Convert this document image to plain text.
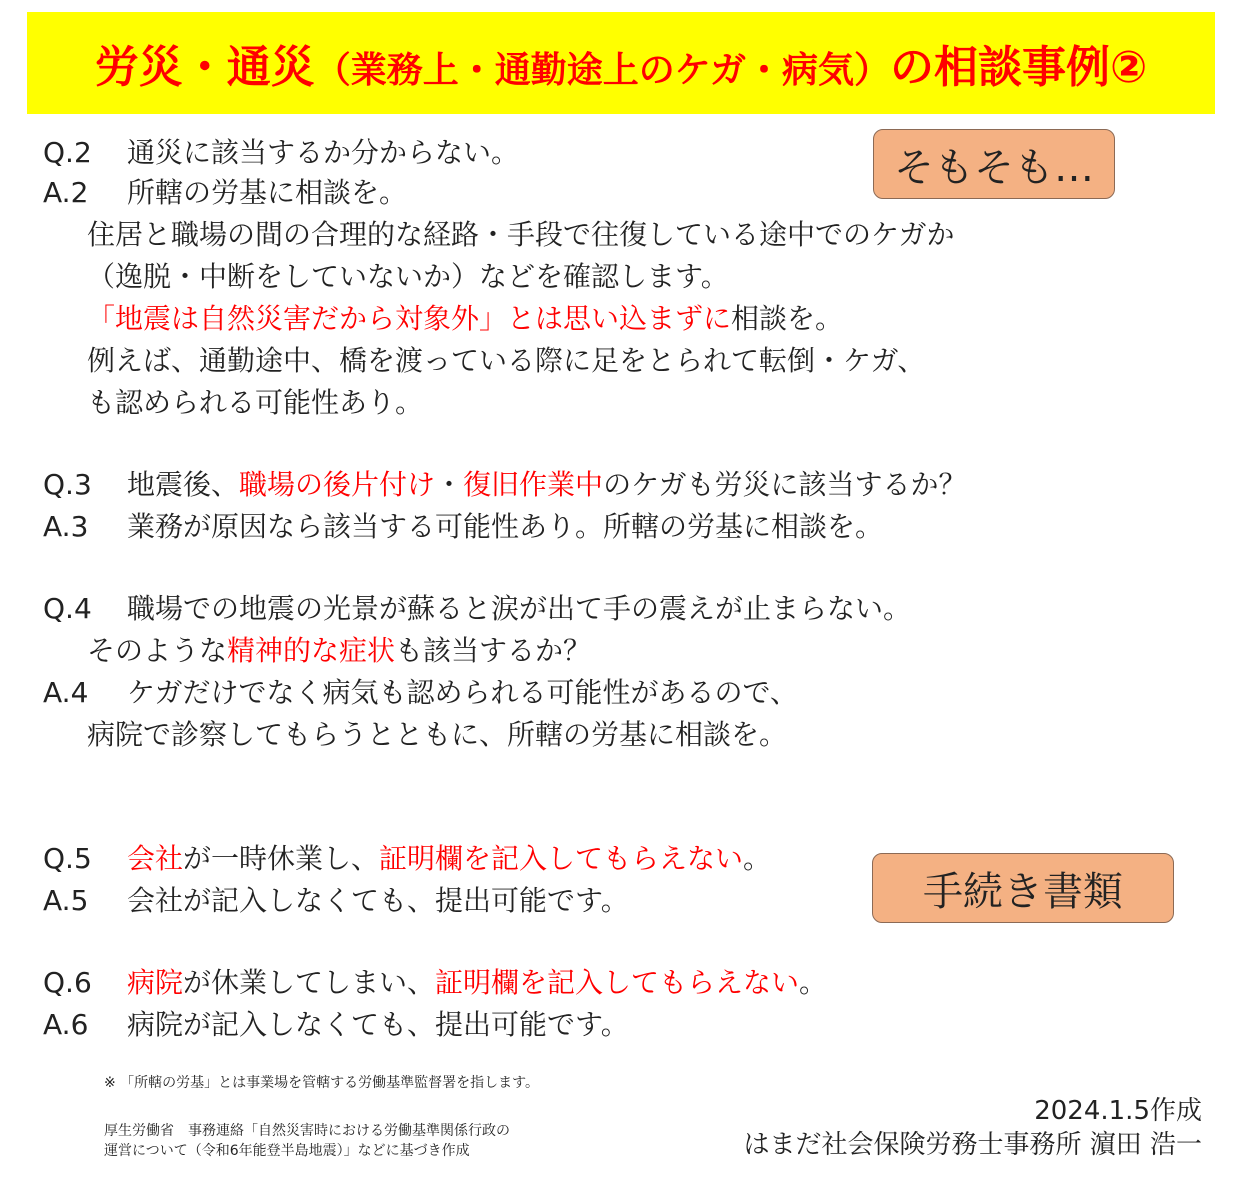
労災・通災（業務上・通勤途上のケガ・病気）の相談事例②
そもそも…
手続き書類
Q.2 通災に該当するか分からない。
A.2 所轄の労基に相談を。
住居と職場の間の合理的な経路・手段で往復している途中でのケガか
（逸脱・中断をしていないか）などを確認します。
「地震は自然災害だから対象外」とは思い込まずに相談を。
例えば、通勤途中、橋を渡っている際に足をとられて転倒・ケガ、
も認められる可能性あり。
Q.3 地震後、職場の後片付け・復旧作業中のケガも労災に該当するか？
A.3 業務が原因なら該当する可能性あり。所轄の労基に相談を。
Q.4 職場での地震の光景が蘇ると涙が出て手の震えが止まらない。
そのような精神的な症状も該当するか？
A.4 ケガだけでなく病気も認められる可能性があるので、
病院で診察してもらうとともに、所轄の労基に相談を。
Q.5 会社が一時休業し、証明欄を記入してもらえない。
A.5 会社が記入しなくても、提出可能です。
Q.6 病院が休業してしまい、証明欄を記入してもらえない。
A.6 病院が記入しなくても、提出可能です。
※ 「所轄の労基」とは事業場を管轄する労働基準監督署を指します。
厚生労働省　事務連絡「自然災害時における労働基準関係行政の
運営について（令和6年能登半島地震）」などに基づき作成
2024.1.5作成
はまだ社会保険労務士事務所 濵田 浩一
